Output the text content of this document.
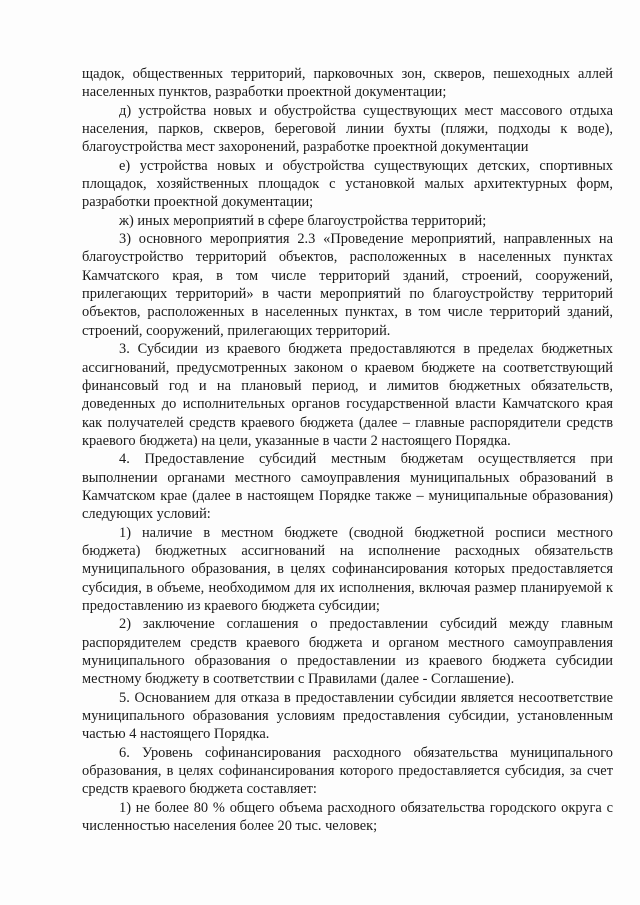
щадок, общественных территорий, парковочных зон, скверов, пешеходных аллей населенных пунктов, разработки проектной документации;

д) устройства новых и обустройства существующих мест массового отдыха населения, парков, скверов, береговой линии бухты (пляжи, подходы к воде), благоустройства мест захоронений, разработке проектной документации

е) устройства новых и обустройства существующих детских, спортивных площадок, хозяйственных площадок с установкой малых архитектурных форм, разработки проектной документации;

ж) иных мероприятий в сфере благоустройства территорий;

3) основного мероприятия 2.3 «Проведение мероприятий, направленных на благоустройство территорий объектов, расположенных в населенных пунктах Камчатского края, в том числе территорий зданий, строений, сооружений, прилегающих территорий» в части мероприятий по благоустройству территорий объектов, расположенных в населенных пунктах, в том числе территорий зданий, строений, сооружений, прилегающих территорий.

3. Субсидии из краевого бюджета предоставляются в пределах бюджетных ассигнований, предусмотренных законом о краевом бюджете на соответствующий финансовый год и на плановый период, и лимитов бюджетных обязательств, доведенных до исполнительных органов государственной власти Камчатского края как получателей средств краевого бюджета (далее – главные распорядители средств краевого бюджета) на цели, указанные в части 2 настоящего Порядка.

4. Предоставление субсидий местным бюджетам осуществляется при выполнении органами местного самоуправления муниципальных образований в Камчатском крае (далее в настоящем Порядке также – муниципальные образования) следующих условий:

1) наличие в местном бюджете (сводной бюджетной росписи местного бюджета) бюджетных ассигнований на исполнение расходных обязательств муниципального образования, в целях софинансирования которых предоставляется субсидия, в объеме, необходимом для их исполнения, включая размер планируемой к предоставлению из краевого бюджета субсидии;

2) заключение соглашения о предоставлении субсидий между главным распорядителем средств краевого бюджета и органом местного самоуправления муниципального образования о предоставлении из краевого бюджета субсидии местному бюджету в соответствии с Правилами (далее - Соглашение).

5. Основанием для отказа в предоставлении субсидии является несоответствие муниципального образования условиям предоставления субсидии, установленным частью 4 настоящего Порядка.

6. Уровень софинансирования расходного обязательства муниципального образования, в целях софинансирования которого предоставляется субсидия, за счет средств краевого бюджета составляет:

1) не более 80 % общего объема расходного обязательства городского округа с численностью населения более 20 тыс. человек;
